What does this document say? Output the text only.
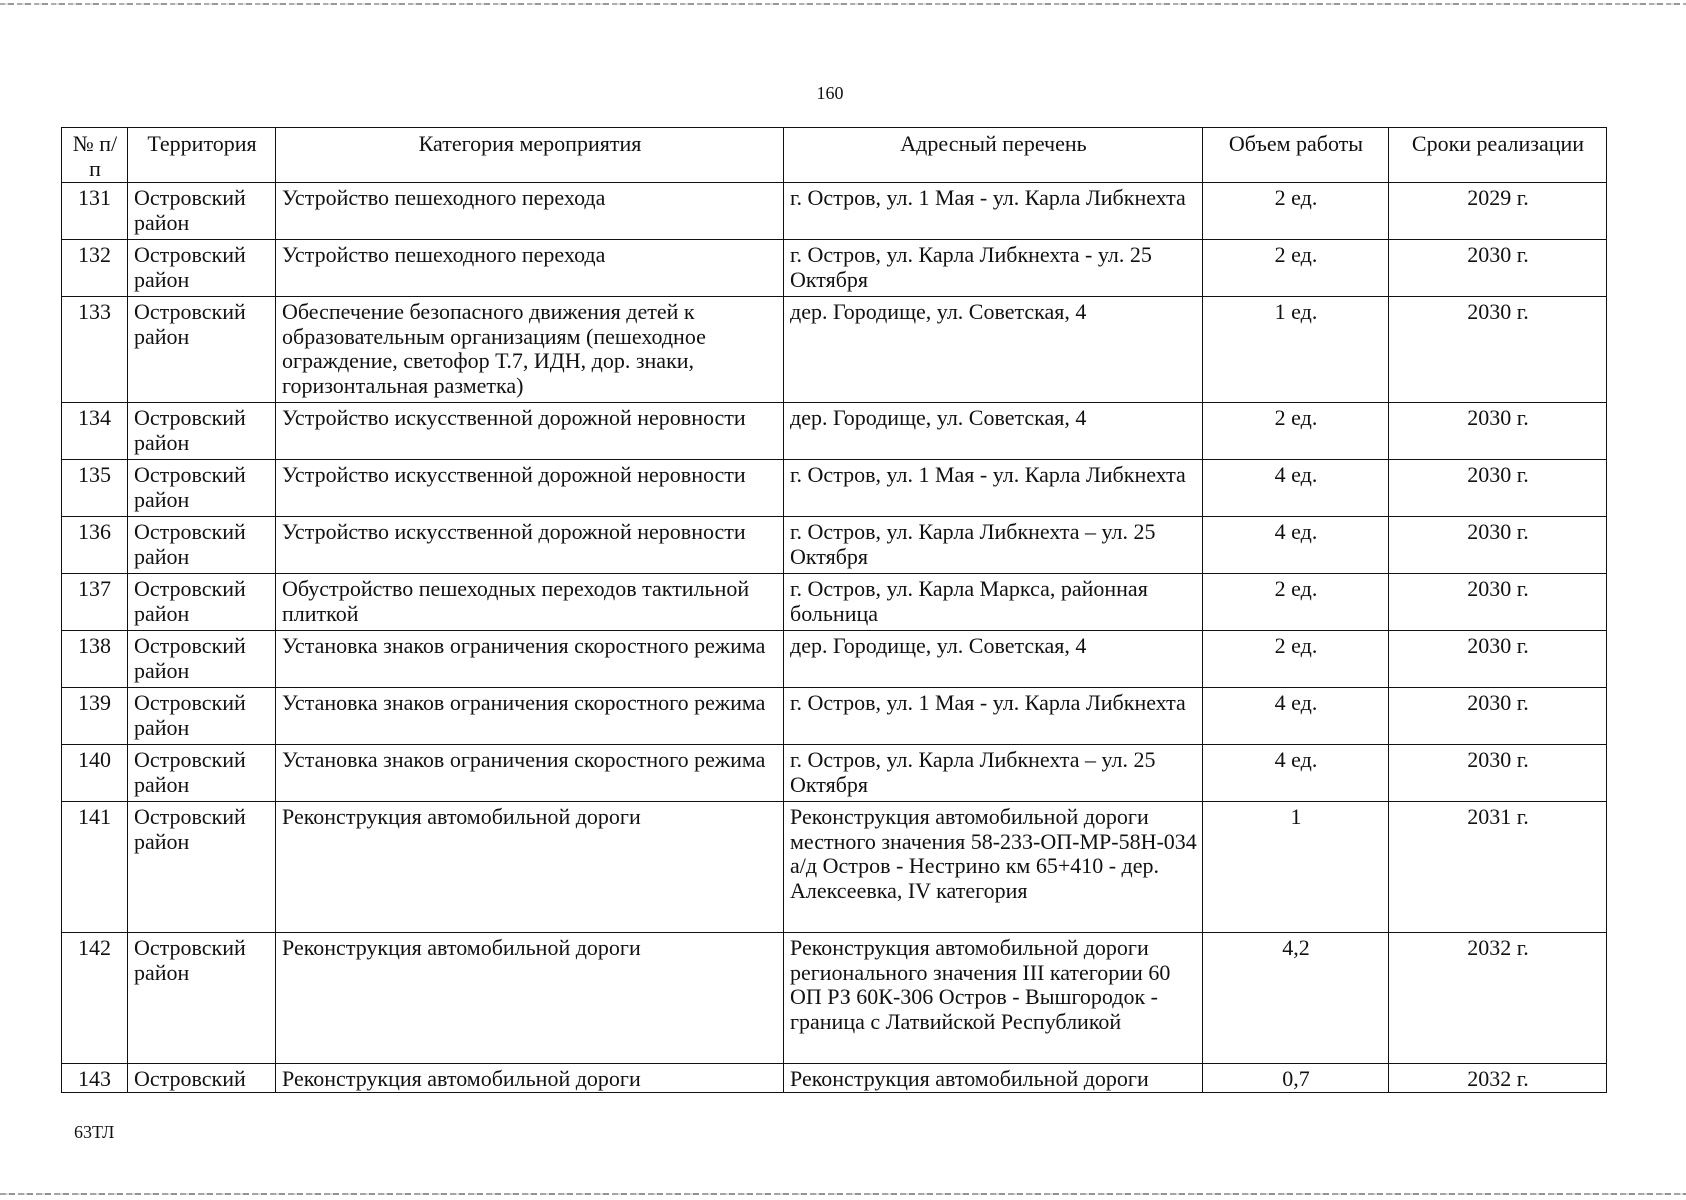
160
№ п/п	Территория	Категория мероприятия	Адресный перечень	Объем работы	Сроки реализации
131	Островский район	Устройство пешеходного перехода	г. Остров, ул. 1 Мая - ул. Карла Либкнехта	2 ед.	2029 г.
132	Островский район	Устройство пешеходного перехода	г. Остров, ул. Карла Либкнехта - ул. 25 Октября	2 ед.	2030 г.
133	Островский район	Обеспечение безопасного движения детей к образовательным организациям (пешеходное ограждение, светофор Т.7, ИДН, дор. знаки, горизонтальная разметка)	дер. Городище, ул. Советская, 4	1 ед.	2030 г.
134	Островский район	Устройство искусственной дорожной неровности	дер. Городище, ул. Советская, 4	2 ед.	2030 г.
135	Островский район	Устройство искусственной дорожной неровности	г. Остров, ул. 1 Мая - ул. Карла Либкнехта	4 ед.	2030 г.
136	Островский район	Устройство искусственной дорожной неровности	г. Остров, ул. Карла Либкнехта – ул. 25 Октября	4 ед.	2030 г.
137	Островский район	Обустройство пешеходных переходов тактильной плиткой	г. Остров, ул. Карла Маркса, районная больница	2 ед.	2030 г.
138	Островский район	Установка знаков ограничения скоростного режима	дер. Городище, ул. Советская, 4	2 ед.	2030 г.
139	Островский район	Установка знаков ограничения скоростного режима	г. Остров, ул. 1 Мая - ул. Карла Либкнехта	4 ед.	2030 г.
140	Островский район	Установка знаков ограничения скоростного режима	г. Остров, ул. Карла Либкнехта – ул. 25 Октября	4 ед.	2030 г.
141	Островский район	Реконструкция автомобильной дороги	Реконструкция автомобильной дороги местного значения 58-233-ОП-МР-58Н-034 а/д Остров - Нестрино км 65+410 - дер. Алексеевка, IV категория	1	2031 г.
142	Островский район	Реконструкция автомобильной дороги	Реконструкция автомобильной дороги регионального значения III категории 60 ОП РЗ 60К-306 Остров - Вышгородок - граница с Латвийской Республикой	4,2	2032 г.
143	Островский	Реконструкция автомобильной дороги	Реконструкция автомобильной дороги	0,7	2032 г.
63ТЛ
